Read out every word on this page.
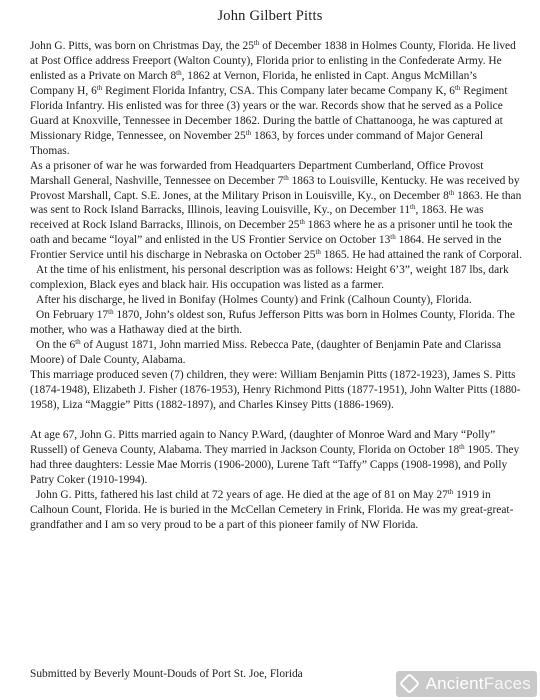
John Gilbert Pitts

John G. Pitts, was born on Christmas Day, the 25th of December 1838 in Holmes County, Florida. He lived at Post Office address Freeport (Walton County), Florida prior to enlisting in the Confederate Army. He enlisted as a Private on March 8th, 1862 at Vernon, Florida, he enlisted in Capt. Angus McMillan’s Company H, 6th Regiment Florida Infantry, CSA. This Company later became Company K, 6th Regiment Florida Infantry. His enlisted was for three (3) years or the war. Records show that he served as a Police Guard at Knoxville, Tennessee in December 1862. During the battle of Chattanooga, he was captured at Missionary Ridge, Tennessee, on November 25th 1863, by forces under command of Major General Thomas.

As a prisoner of war he was forwarded from Headquarters Department Cumberland, Office Provost Marshall General, Nashville, Tennessee on December 7th 1863 to Louisville, Kentucky. He was received by Provost Marshall, Capt. S.E. Jones, at the Military Prison in Louisville, Ky., on December 8th 1863. He than was sent to Rock Island Barracks, Illinois, leaving Louisville, Ky., on December 11th, 1863. He was received at Rock Island Barracks, Illinois, on December 25th 1863 where he as a prisoner until he took the oath and became “loyal” and enlisted in the US Frontier Service on October 13th 1864. He served in the Frontier Service until his discharge in Nebraska on October 25th 1865. He had attained the rank of Corporal.

At the time of his enlistment, his personal description was as follows: Height 6’3”, weight 187 lbs, dark complexion, Black eyes and black hair. His occupation was listed as a farmer.

After his discharge, he lived in Bonifay (Holmes County) and Frink (Calhoun County), Florida.

On February 17th 1870, John’s oldest son, Rufus Jefferson Pitts was born in Holmes County, Florida. The mother, who was a Hathaway died at the birth.

On the 6th of August 1871, John married Miss. Rebecca Pate, (daughter of Benjamin Pate and Clarissa Moore) of Dale County, Alabama.

This marriage produced seven (7) children, they were: William Benjamin Pitts (1872-1923), James S. Pitts (1874-1948), Elizabeth J. Fisher (1876-1953), Henry Richmond Pitts (1877-1951), John Walter Pitts (1880-1958), Liza “Maggie” Pitts (1882-1897), and Charles Kinsey Pitts (1886-1969).

At age 67, John G. Pitts married again to Nancy P.Ward, (daughter of Monroe Ward and Mary “Polly” Russell) of Geneva County, Alabama. They married in Jackson County, Florida on October 18th 1905. They had three daughters: Lessie Mae Morris (1906-2000), Lurene Taft “Taffy” Capps (1908-1998), and Polly Patry Coker (1910-1994).

John G. Pitts, fathered his last child at 72 years of age. He died at the age of 81 on May 27th 1919 in Calhoun Count, Florida. He is buried in the McCellan Cemetery in Frink, Florida. He was my great-great-grandfather and I am so very proud to be a part of this pioneer family of NW Florida.

Submitted by Beverly Mount-Douds of Port St. Joe, Florida	Ancient Faces
